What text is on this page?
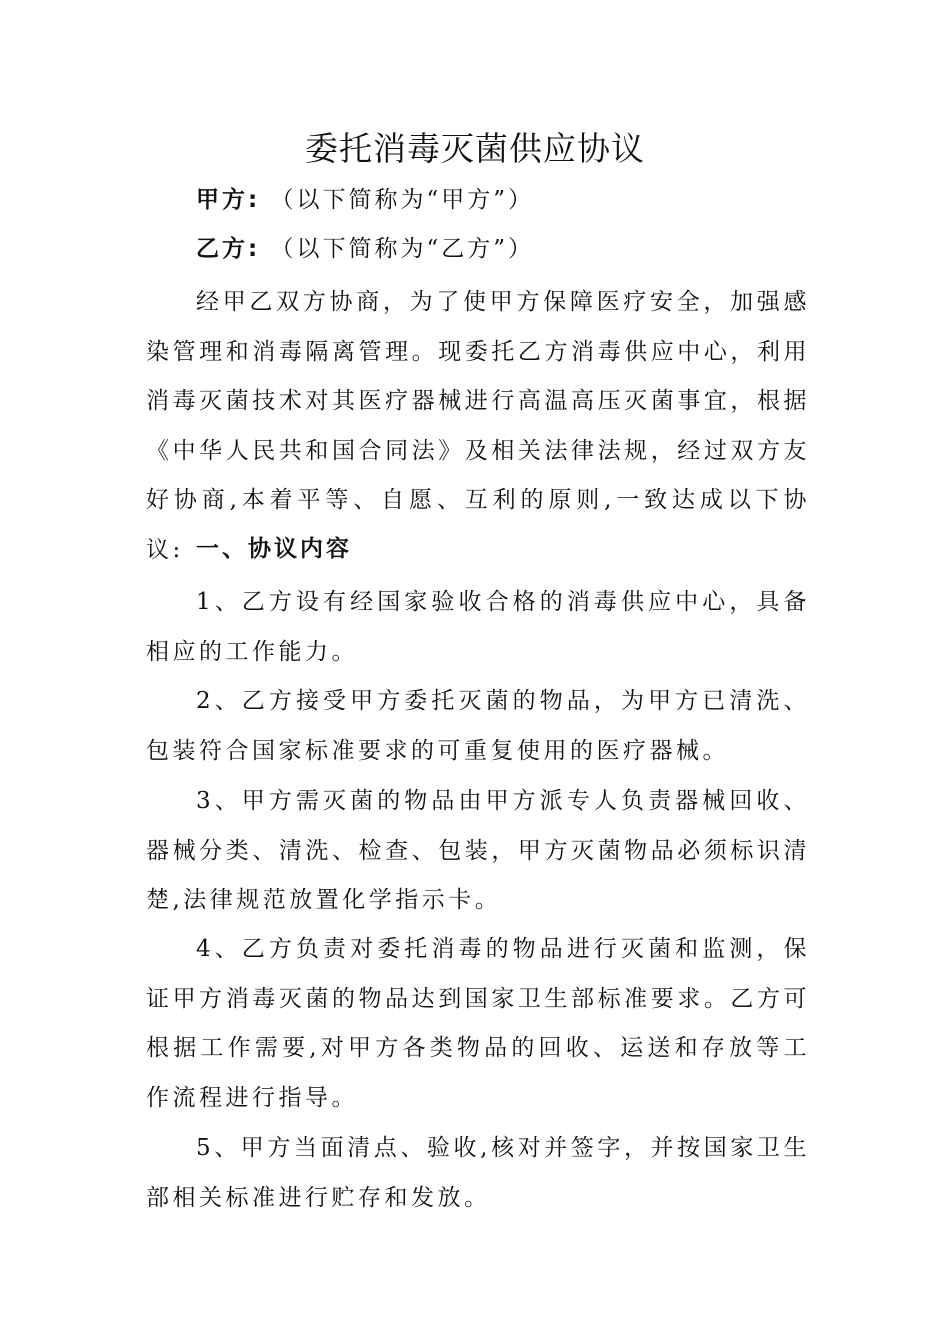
委托消毒灭菌供应协议
甲方: （以下简称为“甲方”）
乙方: （以下简称为“乙方”）
经甲乙双方协商，为了使甲方保障医疗安全，加强感染管理和消毒隔离管理。现委托乙方消毒供应中心，利用消毒灭菌技术对其医疗器械进行高温高压灭菌事宜，根据《中华人民共和国合同法》及相关法律法规，经过双方友好协商,本着平等、自愿、互利的原则,一致达成以下协议: 一、协议内容
1、乙方设有经国家验收合格的消毒供应中心，具备相应的工作能力。
2、乙方接受甲方委托灭菌的物品，为甲方已清洗、包装符合国家标准要求的可重复使用的医疗器械。
3、甲方需灭菌的物品由甲方派专人负责器械回收、器械分类、清洗、检查、包装，甲方灭菌物品必须标识清楚,法律规范放置化学指示卡。
4、乙方负责对委托消毒的物品进行灭菌和监测，保证甲方消毒灭菌的物品达到国家卫生部标准要求。乙方可根据工作需要,对甲方各类物品的回收、运送和存放等工作流程进行指导。
5、甲方当面清点、验收,核对并签字，并按国家卫生部相关标准进行贮存和发放。
